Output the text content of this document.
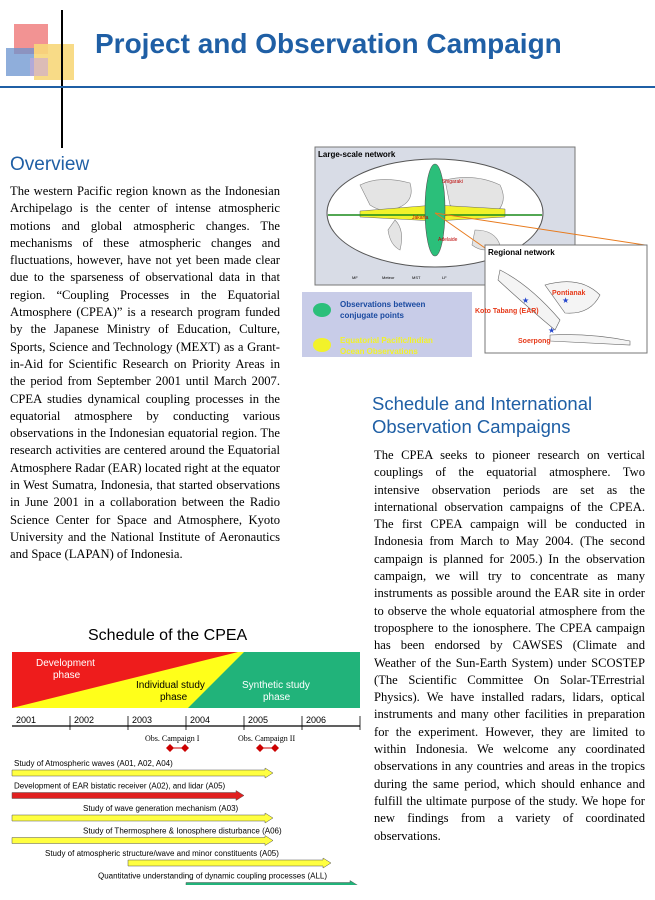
Project and Observation Campaign
Overview
The western Pacific region known as the Indonesian Archipelago is the center of intense atmospheric motions and global atmospheric changes. The mechanisms of these atmospheric changes and fluctuations, however, have not yet been made clear due to the sparseness of observational data in that region. “Coupling Processes in the Equatorial Atmosphere (CPEA)” is a research program funded by the Japanese Ministry of Education, Culture, Sports, Science and Technology (MEXT) as a Grant-in-Aid for Scientific Research on Priority Areas in the period from September 2001 until March 2007. CPEA studies dynamical coupling processes in the equatorial atmosphere by conducting various observations in the Indonesian equatorial region. The research activities are centered around the Equatorial Atmosphere Radar (EAR) located right at the equator in West Sumatra, Indonesia, that started observations in June 2001 in a collaboration between the Radio Science Center for Space and Atmosphere, Kyoto University and the National Institute of Aeronautics and Space (LAPAN) of Indonesia.
Large-scale network
Shigaraki
Jakarta
Adelaide
MF	Meteor	MST	LF
Regional network
Pontianak
Koto Tabang (EAR)
Soerpong
★	★
★
Observations between
conjugate points
Equatorial Pacific/Indian
Ocean Observations
Schedule and International Observation Campaigns
The CPEA seeks to pioneer research on vertical couplings of the equatorial atmosphere. Two intensive observation periods are set as the international observation campaigns of the CPEA. The first CPEA campaign will be conducted in Indonesia from March to May 2004. (The second campaign is planned for 2005.) In the observation campaign, we will try to concentrate as many instruments as possible around the EAR site in order to observe the whole equatorial atmosphere from the troposphere to the ionosphere. The CPEA campaign has been endorsed by CAWSES (Climate and Weather of the Sun-Earth System) under SCOSTEP (The Scientific Committee On Solar-TErrestrial Physics). We have installed radars, lidars, optical instruments and many other facilities in preparation for the experiment. However, they are limited to within Indonesia. We welcome any coordinated observations in any countries and areas in the tropics during the same period, which should enhance and fulfill the ultimate purpose of the study. We hope for new findings from a variety of coordinated observations.
Schedule of the CPEA
Development
phase
Individual study
phase
Synthetic study
phase
2001	2002	2003	2004	2005	2006
Obs. Campaign I	Obs. Campaign II
Study of Atmospheric waves (A01, A02, A04)
Development of EAR bistatic receiver (A02), and lidar (A05)
Study of wave generation mechanism (A03)
Study of Thermosphere & Ionosphere disturbance (A06)
Study of atmospheric structure/wave and minor constituents (A05)
Quantitative understanding of dynamic coupling processes (ALL)
